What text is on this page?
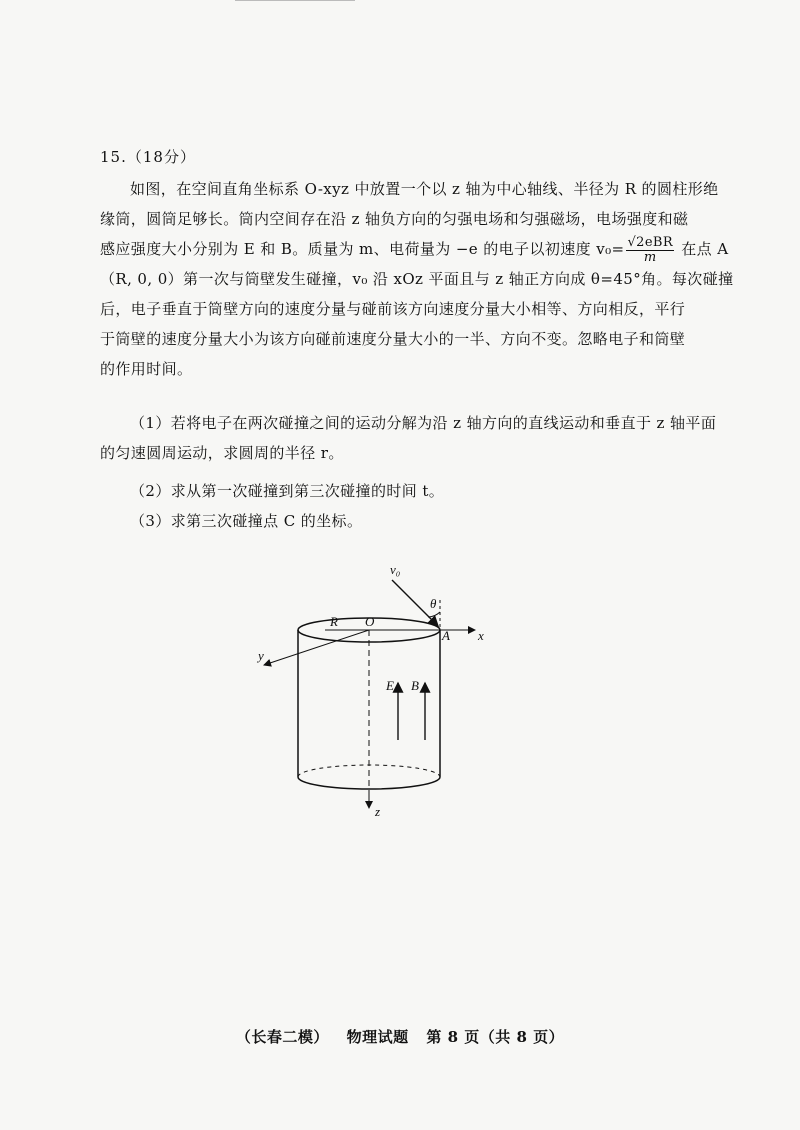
15.（18分）
如图，在空间直角坐标系 O-xyz 中放置一个以 z 轴为中心轴线、半径为 R 的圆柱形绝
缘筒，圆筒足够长。筒内空间存在沿 z 轴负方向的匀强电场和匀强磁场，电场强度和磁
感应强度大小分别为 E 和 B。质量为 m、电荷量为 −e 的电子以初速度 $v_0= \frac{\text{√2eBR}}{m}$ 在点 A
（R, 0, 0）第一次与筒壁发生碰撞，v₀ 沿 xOz 平面且与 z 轴正方向成 θ=45°角。每次碰撞
后，电子垂直于筒壁方向的速度分量与碰前该方向速度分量大小相等、方向相反，平行
于筒壁的速度分量大小为该方向碰前速度分量大小的一半、方向不变。忽略电子和筒壁
的作用时间。
（1）若将电子在两次碰撞之间的运动分解为沿 z 轴方向的直线运动和垂直于 z 轴平面
的匀速圆周运动，求圆周的半径 r。
（2）求从第一次碰撞到第三次碰撞的时间 t。
（3）求第三次碰撞点 C 的坐标。
v₀
θ
R O
A x
y
z
E B
（长春二模） 物理试题 第 8 页（共 8 页）
